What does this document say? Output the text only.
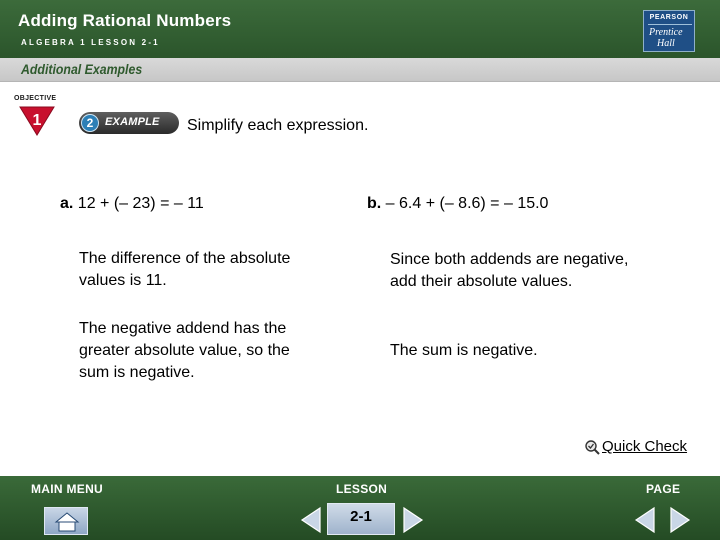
Adding Rational Numbers
ALGEBRA 1 LESSON 2-1
PEARSON
Prentice
Hall
Additional Examples
OBJECTIVE
1	2	EXAMPLE Simplify each expression.
a. 12 + (– 23) = – 11
The difference of the absolute
values is 11.
The negative addend has the
greater absolute value, so the
sum is negative.
b. – 6.4 + (– 8.6) = – 15.0
Since both addends are negative,
add their absolute values.
The sum is negative.
Quick Check
MAIN MENU	LESSON	PAGE
2-1
